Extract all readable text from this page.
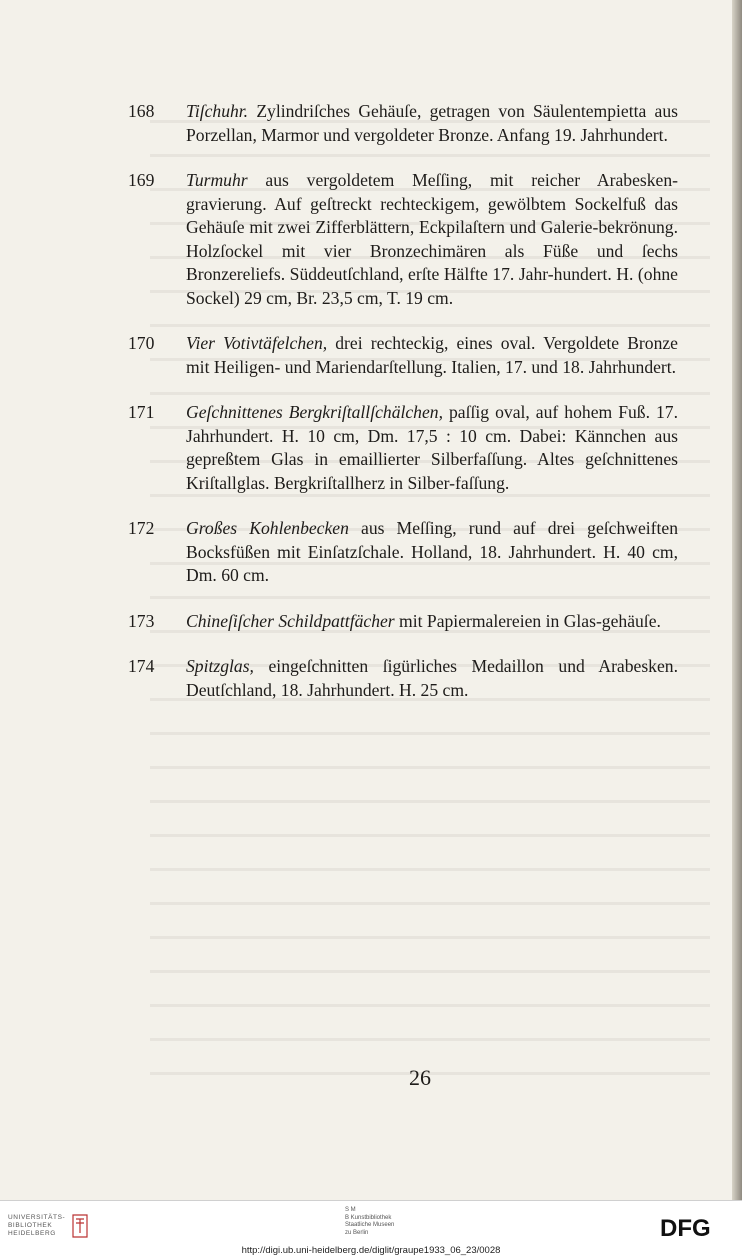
168	Tiſchuhr. Zylindriſches Gehäuſe, getragen von Säulentempietta aus Porzellan, Marmor und vergoldeter Bronze. Anfang 19. Jahrhundert.
169	Turmuhr aus vergoldetem Meſſing, mit reicher Arabesken-gravierung. Auf geſtreckt rechteckigem, gewölbtem Sockelfuß das Gehäuſe mit zwei Zifferblättern, Eckpilaſtern und Galerie-bekrönung. Holzſockel mit vier Bronzechimären als Füße und ſechs Bronzereliefs. Süddeutſchland, erſte Hälfte 17. Jahr-hundert. H. (ohne Sockel) 29 cm, Br. 23,5 cm, T. 19 cm.
170	Vier Votivtäfelchen, drei rechteckig, eines oval. Vergoldete Bronze mit Heiligen- und Mariendarſtellung. Italien, 17. und 18. Jahrhundert.
171	Geſchnittenes Bergkriſtallſchälchen, paſſig oval, auf hohem Fuß. 17. Jahrhundert. H. 10 cm, Dm. 17,5 : 10 cm. Dabei: Kännchen aus gepreßtem Glas in emaillierter Silberfaſſung. Altes geſchnittenes Kriſtallglas. Bergkriſtallherz in Silber-faſſung.
172	Großes Kohlenbecken aus Meſſing, rund auf drei geſchweiften Bocksfüßen mit Einſatzſchale. Holland, 18. Jahrhundert. H. 40 cm, Dm. 60 cm.
173	Chineſiſcher Schildpattfächer mit Papiermalereien in Glas-gehäuſe.
174	Spitzglas, eingeſchnitten ſigürliches Medaillon und Arabesken. Deutſchland, 18. Jahrhundert. H. 25 cm.
26
UNIVERSITÄTS-
BIBLIOTHEK
HEIDELBERG
S M
B Kunstbibliothek
Staatliche Museen
zu Berlin	DFG
http://digi.ub.uni-heidelberg.de/diglit/graupe1933_06_23/0028
